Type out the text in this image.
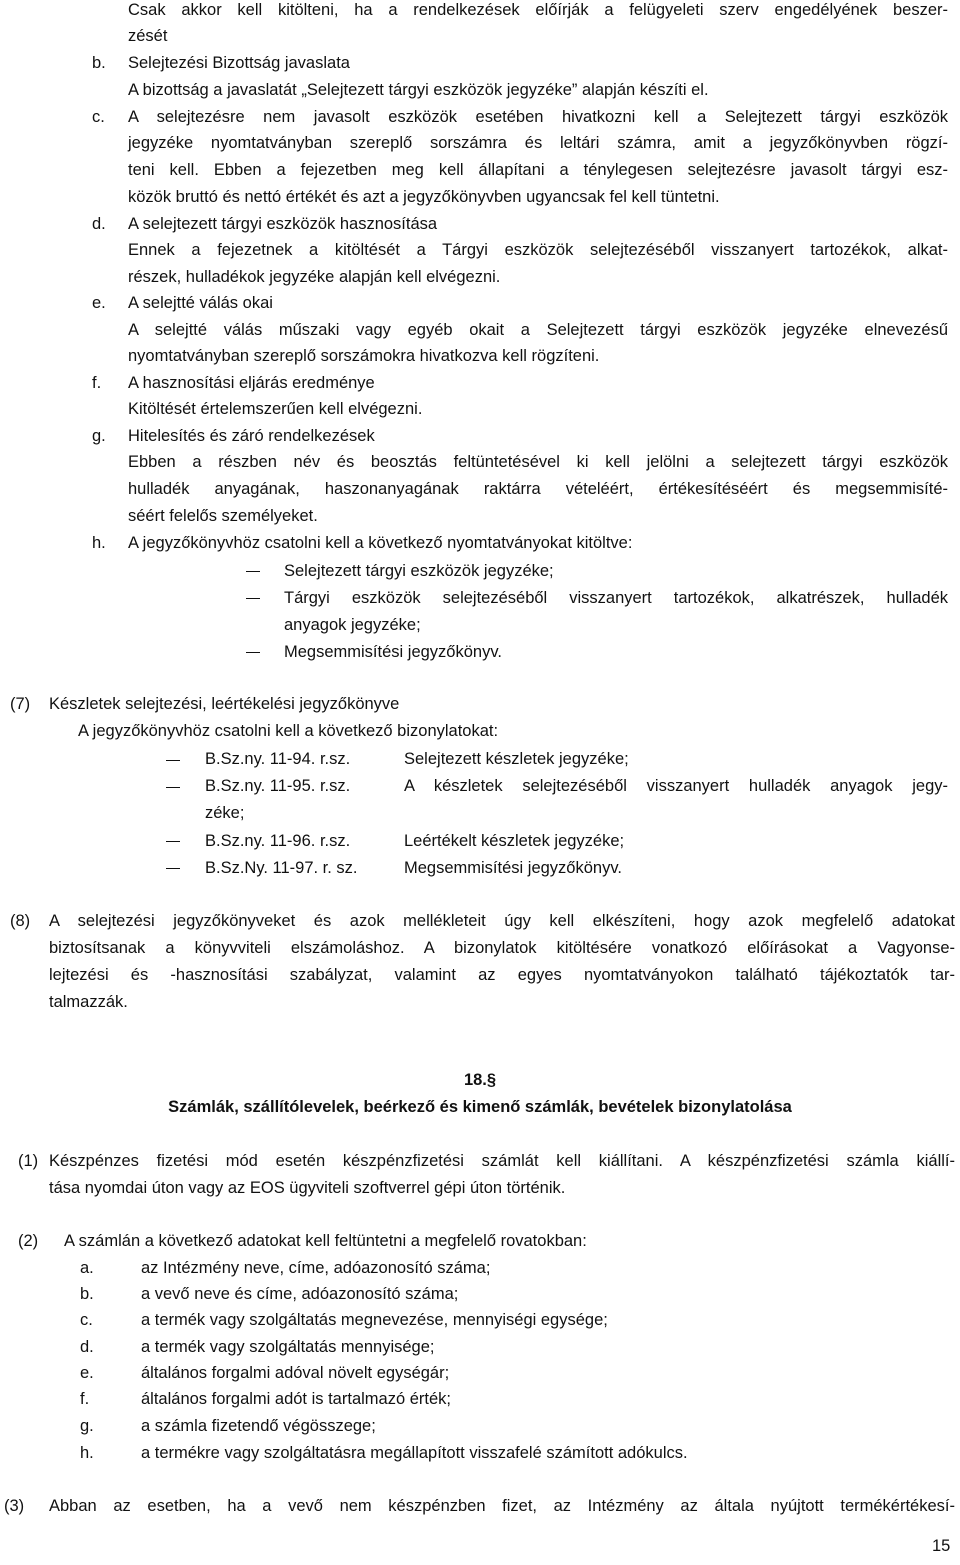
Csak akkor kell kitölteni, ha a rendelkezések előírják a felügyeleti szerv engedélyének beszer-
zését
b. Selejtezési Bizottság javaslata
A bizottság a javaslatát „Selejtezett tárgyi eszközök jegyzéke” alapján készíti el.
c. A selejtezésre nem javasolt eszközök esetében hivatkozni kell a Selejtezett tárgyi eszközök
jegyzéke nyomtatványban szereplő sorszámra és leltári számra, amit a jegyzőkönyvben rögzí-
teni kell. Ebben a fejezetben meg kell állapítani a ténylegesen selejtezésre javasolt tárgyi esz-
közök bruttó és nettó értékét és azt a jegyzőkönyvben ugyancsak fel kell tüntetni.
d. A selejtezett tárgyi eszközök hasznosítása
Ennek a fejezetnek a kitöltését a Tárgyi eszközök selejtezéséből visszanyert tartozékok, alkat-
részek, hulladékok jegyzéke alapján kell elvégezni.
e. A selejtté válás okai
A selejtté válás műszaki vagy egyéb okait a Selejtezett tárgyi eszközök jegyzéke elnevezésű
nyomtatványban szereplő sorszámokra hivatkozva kell rögzíteni.
f. A hasznosítási eljárás eredménye
Kitöltését értelemszerűen kell elvégezni.
g. Hitelesítés és záró rendelkezések
Ebben a részben név és beosztás feltüntetésével ki kell jelölni a selejtezett tárgyi eszközök
hulladék anyagának, haszonanyagának raktárra vételéért, értékesítéséért és megsemmisíté-
séért felelős személyeket.
h. A jegyzőkönyvhöz csatolni kell a következő nyomtatványokat kitöltve:
Selejtezett tárgyi eszközök jegyzéke;
Tárgyi eszközök selejtezéséből visszanyert tartozékok, alkatrészek, hulladék
anyagok jegyzéke;
Megsemmisítési jegyzőkönyv.
(7) Készletek selejtezési, leértékelési jegyzőkönyve
A jegyzőkönyvhöz csatolni kell a következő bizonylatokat:
B.Sz.ny. 11-94. r.sz.	Selejtezett készletek jegyzéke;
B.Sz.ny. 11-95. r.sz.	A készletek selejtezéséből visszanyert hulladék anyagok jegy-
zéke;
B.Sz.ny. 11-96. r.sz.	Leértékelt készletek jegyzéke;
B.Sz.Ny. 11-97. r. sz.	Megsemmisítési jegyzőkönyv.
(8) A selejtezési jegyzőkönyveket és azok mellékleteit úgy kell elkészíteni, hogy azok megfelelő adatokat
biztosítsanak a könyvviteli elszámoláshoz. A bizonylatok kitöltésére vonatkozó előírásokat a Vagyonse-
lejtezési és -hasznosítási szabályzat, valamint az egyes nyomtatványokon található tájékoztatók tar-
talmazzák.
18.§
Számlák, szállítólevelek, beérkező és kimenő számlák, bevételek bizonylatolása
(1) Készpénzes fizetési mód esetén készpénzfizetési számlát kell kiállítani. A készpénzfizetési számla kiállí-
tása nyomdai úton vagy az EOS ügyviteli szoftverrel gépi úton történik.
(2) A számlán a következő adatokat kell feltüntetni a megfelelő rovatokban:
a.	az Intézmény neve, címe, adóazonosító száma;
b.	a vevő neve és címe, adóazonosító száma;
c.	a termék vagy szolgáltatás megnevezése, mennyiségi egysége;
d.	a termék vagy szolgáltatás mennyisége;
e.	általános forgalmi adóval növelt egységár;
f.	általános forgalmi adót is tartalmazó érték;
g.	a számla fizetendő végösszege;
h.	a termékre vagy szolgáltatásra megállapított visszafelé számított adókulcs.
(3) Abban az esetben, ha a vevő nem készpénzben fizet, az Intézmény az általa nyújtott termékértékesí-
15
